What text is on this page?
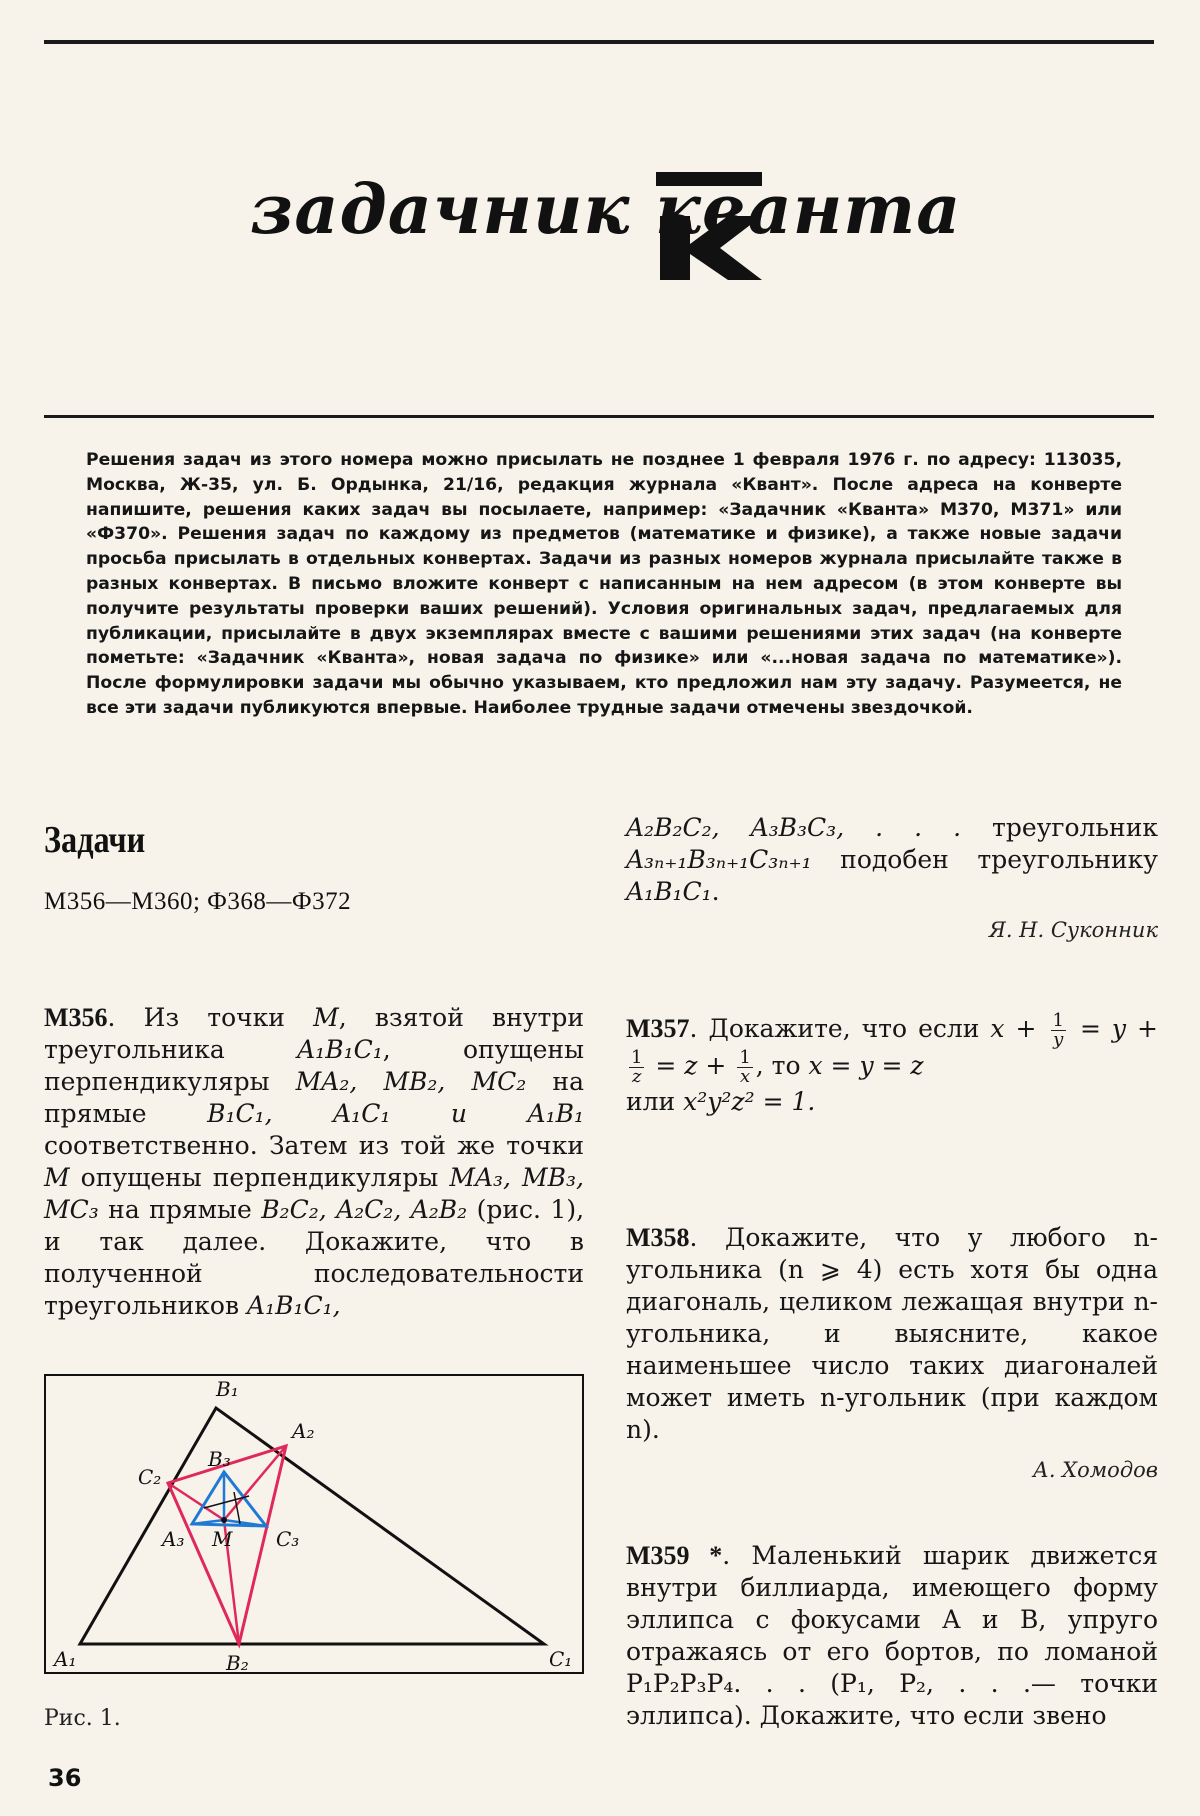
задачник кванта
Решения задач из этого номера можно присылать не позднее 1 февраля 1976 г. по адресу: 113035, Москва, Ж-35, ул. Б. Ордынка, 21/16, редакция журнала «Квант». После адреса на конверте напишите, решения каких задач вы посылаете, например: «Задачник «Кванта» М370, М371» или «Ф370». Решения задач по каждому из предметов (математике и физике), а также новые задачи просьба присылать в отдельных конвертах. Задачи из разных номеров журнала присылайте также в разных конвертах. В письмо вложите конверт с написанным на нем адресом (в этом конверте вы получите результаты проверки ваших решений). Условия оригинальных задач, предлагаемых для публикации, присылайте в двух экземплярах вместе с вашими решениями этих задач (на конверте пометьте: «Задачник «Кванта», новая задача по физике» или «...новая задача по математике»). После формулировки задачи мы обычно указываем, кто предложил нам эту задачу. Разумеется, не все эти задачи публикуются впервые. Наиболее трудные задачи отмечены звездочкой.
Задачи
М356—М360; Ф368—Ф372
М356. Из точки M, взятой внутри треугольника A₁B₁C₁, опущены перпендикуляры MA₂, MB₂, MC₂ на прямые B₁C₁, A₁C₁ и A₁B₁ соответственно. Затем из той же точки M опущены перпендикуляры MA₃, MB₃, MC₃ на прямые B₂C₂, A₂C₂, A₂B₂ (рис. 1), и так далее. Докажите, что в полученной последовательности треугольников A₁B₁C₁,
A₁
B₁
C₁
A₂
B₂
C₂
A₃
B₃
C₃
M
Рис. 1.
36
A₂B₂C₂, A₃B₃C₃, . . . треугольник A₃ₙ₊₁B₃ₙ₊₁C₃ₙ₊₁ подобен треугольнику A₁B₁C₁.
Я. Н. Суконник
М357. Докажите, что если $x + \frac{1}{y} = y$ +
$\frac{1}{z} = z + \frac{1}{x}$ , то x = y = z
или x²y²z² = 1.
М358. Докажите, что у любого n-угольника (n ⩾ 4) есть хотя бы одна диагональ, целиком лежащая внутри n-угольника, и выясните, какое наименьшее число таких диагоналей может иметь n-угольник (при каждом n).
А. Хомодов
М359 *. Маленький шарик движется внутри биллиарда, имеющего форму эллипса с фокусами A и B, упруго отражаясь от его бортов, по ломаной P₁P₂P₃P₄. . . (P₁, P₂, . . .— точки эллипса). Докажите, что если звено
